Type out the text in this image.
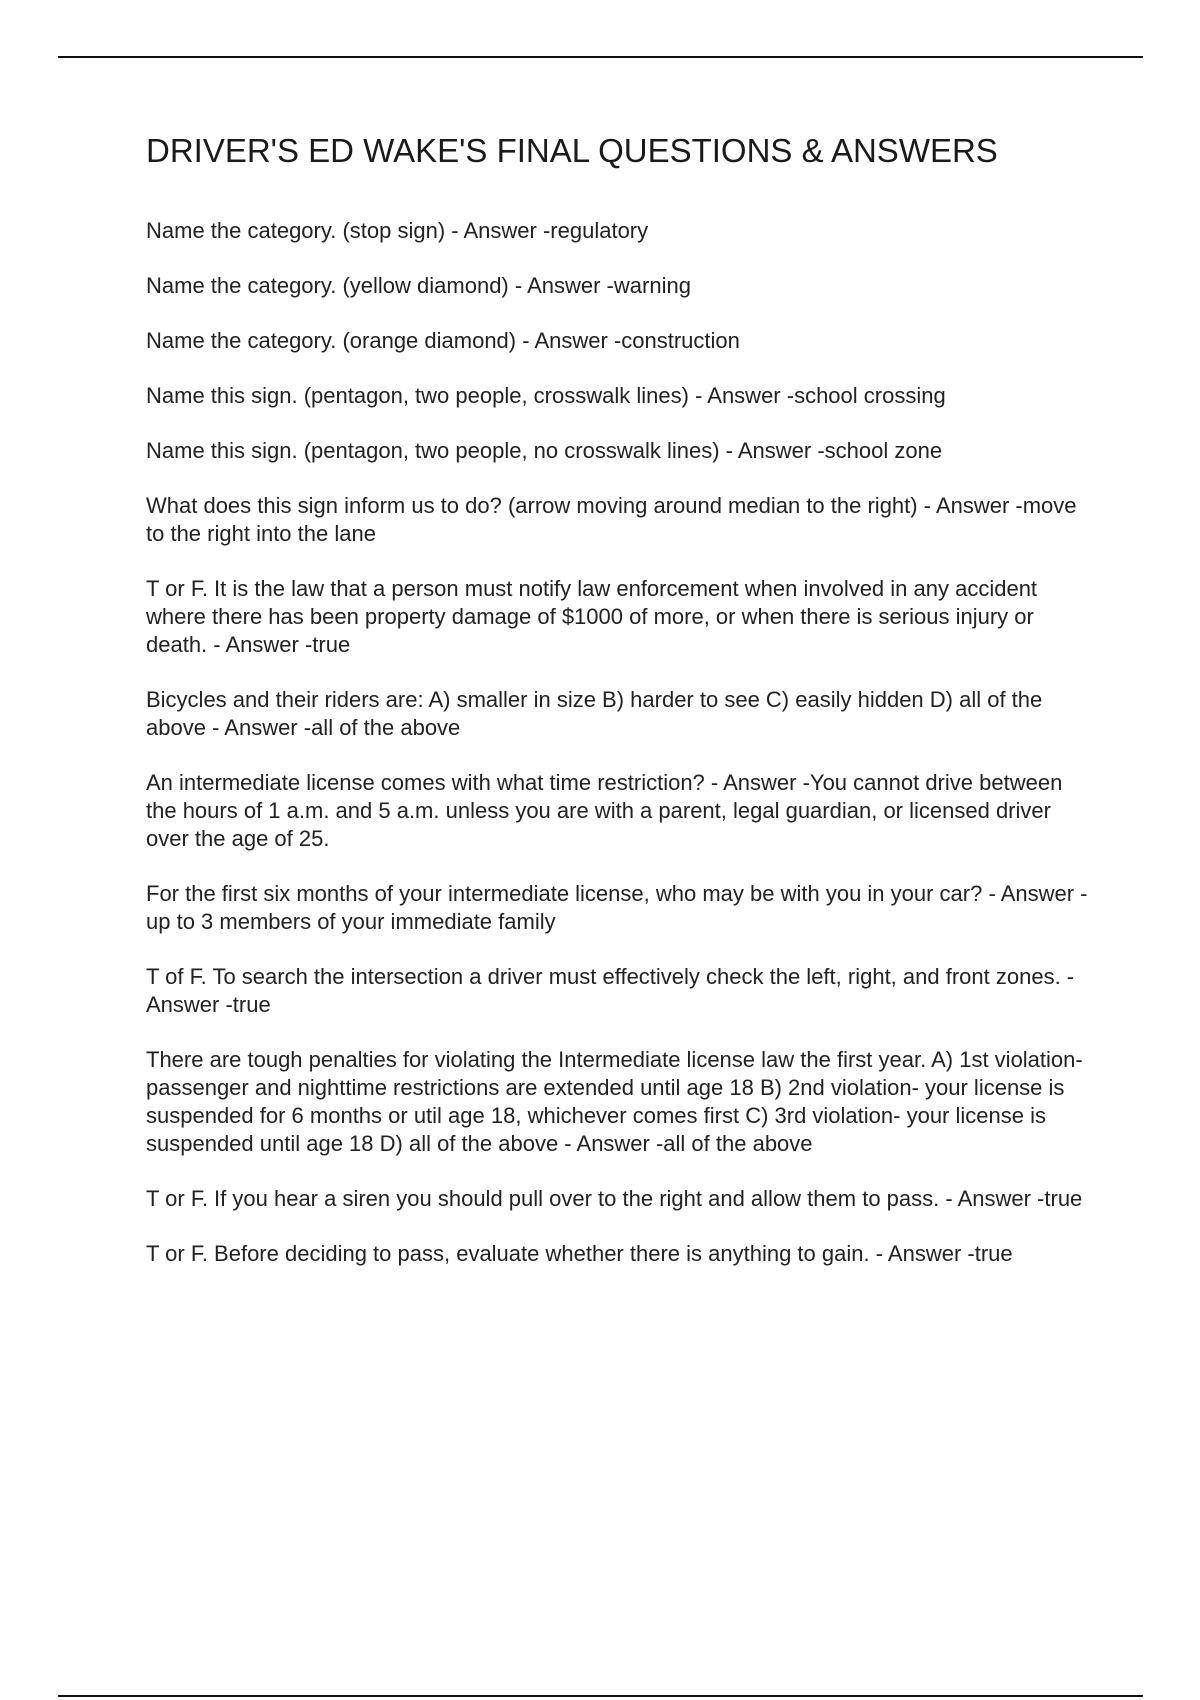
DRIVER'S ED WAKE'S FINAL QUESTIONS & ANSWERS
Name the category. (stop sign) - Answer -regulatory
Name the category. (yellow diamond) - Answer -warning
Name the category. (orange diamond) - Answer -construction
Name this sign. (pentagon, two people, crosswalk lines) - Answer -school crossing
Name this sign. (pentagon, two people, no crosswalk lines) - Answer -school zone
What does this sign inform us to do? (arrow moving around median to the right) - Answer -move to the right into the lane
T or F. It is the law that a person must notify law enforcement when involved in any accident where there has been property damage of $1000 of more, or when there is serious injury or death. - Answer -true
Bicycles and their riders are: A) smaller in size B) harder to see C) easily hidden D) all of the above - Answer -all of the above
An intermediate license comes with what time restriction? - Answer -You cannot drive between the hours of 1 a.m. and 5 a.m. unless you are with a parent, legal guardian, or licensed driver over the age of 25.
For the first six months of your intermediate license, who may be with you in your car? - Answer -up to 3 members of your immediate family
T of F. To search the intersection a driver must effectively check the left, right, and front zones. - Answer -true
There are tough penalties for violating the Intermediate license law the first year. A) 1st violation- passenger and nighttime restrictions are extended until age 18 B) 2nd violation- your license is suspended for 6 months or util age 18, whichever comes first C) 3rd violation- your license is suspended until age 18 D) all of the above - Answer -all of the above
T or F. If you hear a siren you should pull over to the right and allow them to pass. - Answer -true
T or F. Before deciding to pass, evaluate whether there is anything to gain. - Answer -true
